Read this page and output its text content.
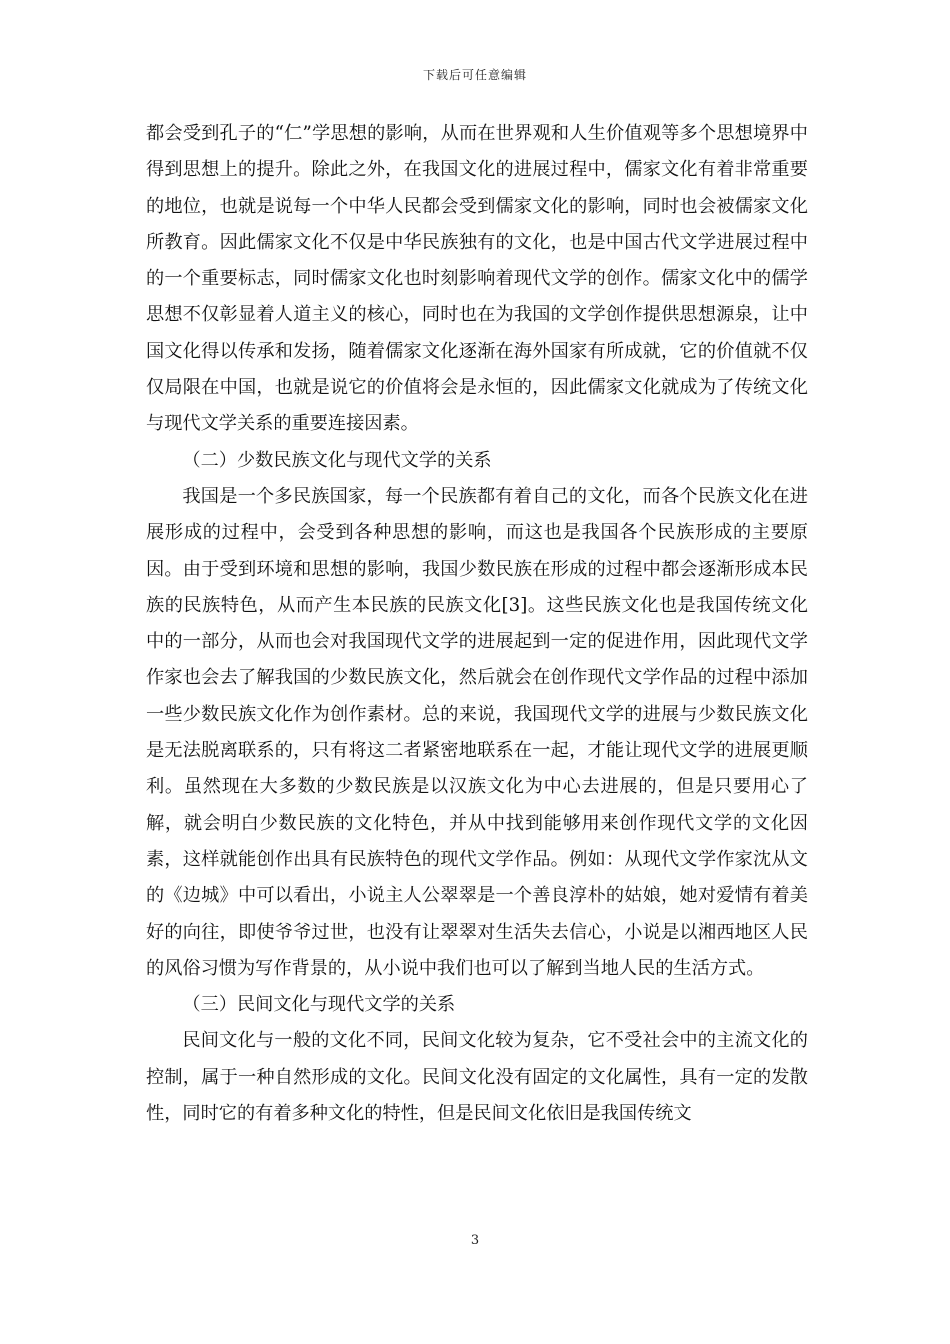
下载后可任意编辑

都会受到孔子的“仁”学思想的影响，从而在世界观和人生价值观等多个思想境界中得到思想上的提升。除此之外，在我国文化的进展过程中，儒家文化有着非常重要的地位，也就是说每一个中华人民都会受到儒家文化的影响，同时也会被儒家文化所教育。因此儒家文化不仅是中华民族独有的文化，也是中国古代文学进展过程中的一个重要标志，同时儒家文化也时刻影响着现代文学的创作。儒家文化中的儒学思想不仅彰显着人道主义的核心，同时也在为我国的文学创作提供思想源泉，让中国文化得以传承和发扬，随着儒家文化逐渐在海外国家有所成就，它的价值就不仅仅局限在中国，也就是说它的价值将会是永恒的，因此儒家文化就成为了传统文化与现代文学关系的重要连接因素。

（二）少数民族文化与现代文学的关系

我国是一个多民族国家，每一个民族都有着自己的文化，而各个民族文化在进展形成的过程中，会受到各种思想的影响，而这也是我国各个民族形成的主要原因。由于受到环境和思想的影响，我国少数民族在形成的过程中都会逐渐形成本民族的民族特色，从而产生本民族的民族文化[3]。这些民族文化也是我国传统文化中的一部分，从而也会对我国现代文学的进展起到一定的促进作用，因此现代文学作家也会去了解我国的少数民族文化，然后就会在创作现代文学作品的过程中添加一些少数民族文化作为创作素材。总的来说，我国现代文学的进展与少数民族文化是无法脱离联系的，只有将这二者紧密地联系在一起，才能让现代文学的进展更顺利。虽然现在大多数的少数民族是以汉族文化为中心去进展的，但是只要用心了解，就会明白少数民族的文化特色，并从中找到能够用来创作现代文学的文化因素，这样就能创作出具有民族特色的现代文学作品。例如：从现代文学作家沈从文的《边城》中可以看出，小说主人公翠翠是一个善良淳朴的姑娘，她对爱情有着美好的向往，即使爷爷过世，也没有让翠翠对生活失去信心，小说是以湘西地区人民的风俗习惯为写作背景的，从小说中我们也可以了解到当地人民的生活方式。

（三）民间文化与现代文学的关系

民间文化与一般的文化不同，民间文化较为复杂，它不受社会中的主流文化的控制，属于一种自然形成的文化。民间文化没有固定的文化属性，具有一定的发散性，同时它的有着多种文化的特性，但是民间文化依旧是我国传统文

3
